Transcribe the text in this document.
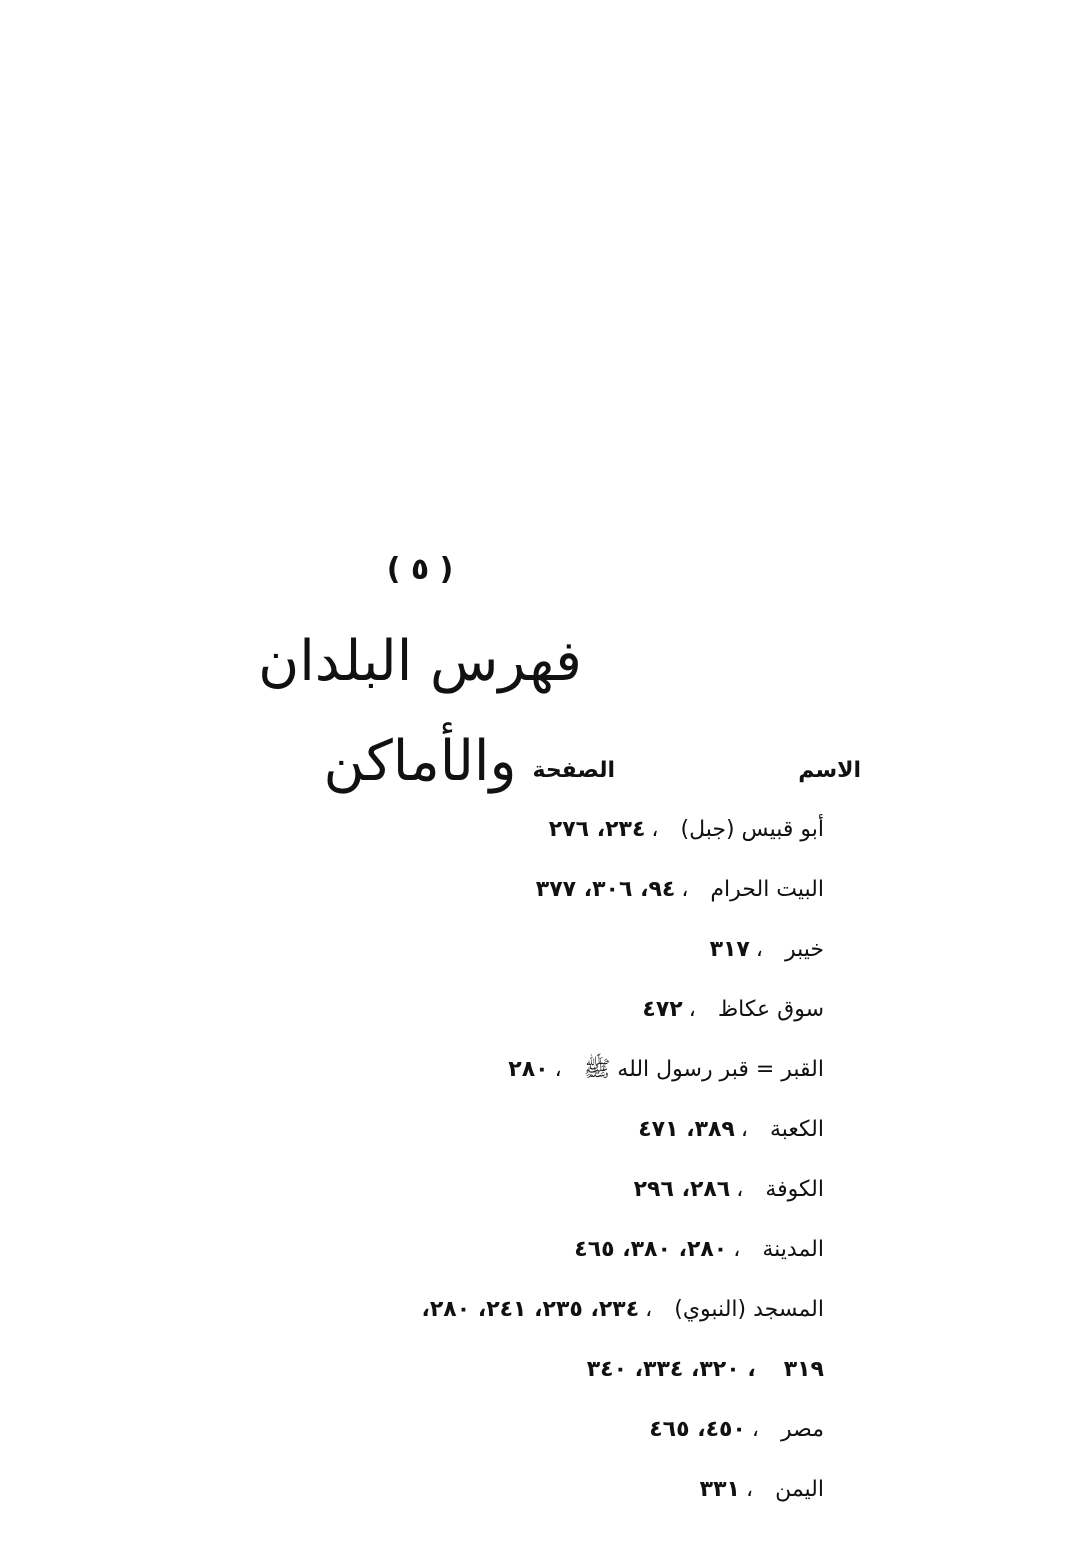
( ٥ )
فهرس البلدان والأماكن	الاسم
الصفحة
أبو قبيس (جبل)،٢٣٤، ٢٧٦
البيت الحرام،٩٤، ٣٠٦، ٣٧٧
خيبر،٣١٧
سوق عكاظ،٤٧٢
القبر = قبر رسول الله ﷺ،٢٨٠
الكعبة،٣٨٩، ٤٧١
الكوفة،٢٨٦، ٢٩٦
المدينة،٢٨٠، ٣٨٠، ٤٦٥
المسجد (النبوي)،٢٣٤، ٢٣٥، ٢٤١، ٢٨٠،
٣١٩، ٣٢٠، ٣٣٤، ٣٤٠
مصر،٤٥٠، ٤٦٥
اليمن،٣٣١
